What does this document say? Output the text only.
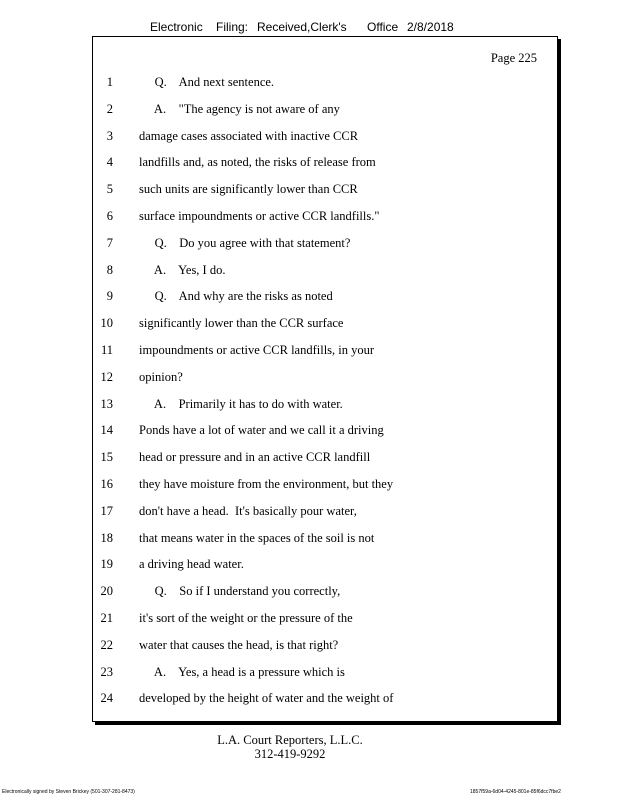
Electronic Filing: Received,Clerk's Office 2/8/2018
Page 225
1 Q.    And next sentence.
2 A.    "The agency is not aware of any
3 damage cases associated with inactive CCR
4 landfills and, as noted, the risks of release from
5 such units are significantly lower than CCR
6 surface impoundments or active CCR landfills."
7 Q.    Do you agree with that statement?
8 A.    Yes, I do.
9 Q.    And why are the risks as noted
10 significantly lower than the CCR surface
11 impoundments or active CCR landfills, in your
12 opinion?
13 A.    Primarily it has to do with water.
14 Ponds have a lot of water and we call it a driving
15 head or pressure and in an active CCR landfill
16 they have moisture from the environment, but they
17 don't have a head.  It's basically pour water,
18 that means water in the spaces of the soil is not
19 a driving head water.
20 Q.    So if I understand you correctly,
21 it's sort of the weight or the pressure of the
22 water that causes the head, is that right?
23 A.    Yes, a head is a pressure which is
24 developed by the height of water and the weight of
L.A. Court Reporters, L.L.C.
312-419-9292
Electronically signed by Steven Brickey (501-307-281-8473)	1857f59a-6d04-4245-801e-85f6dcc7fbe2
